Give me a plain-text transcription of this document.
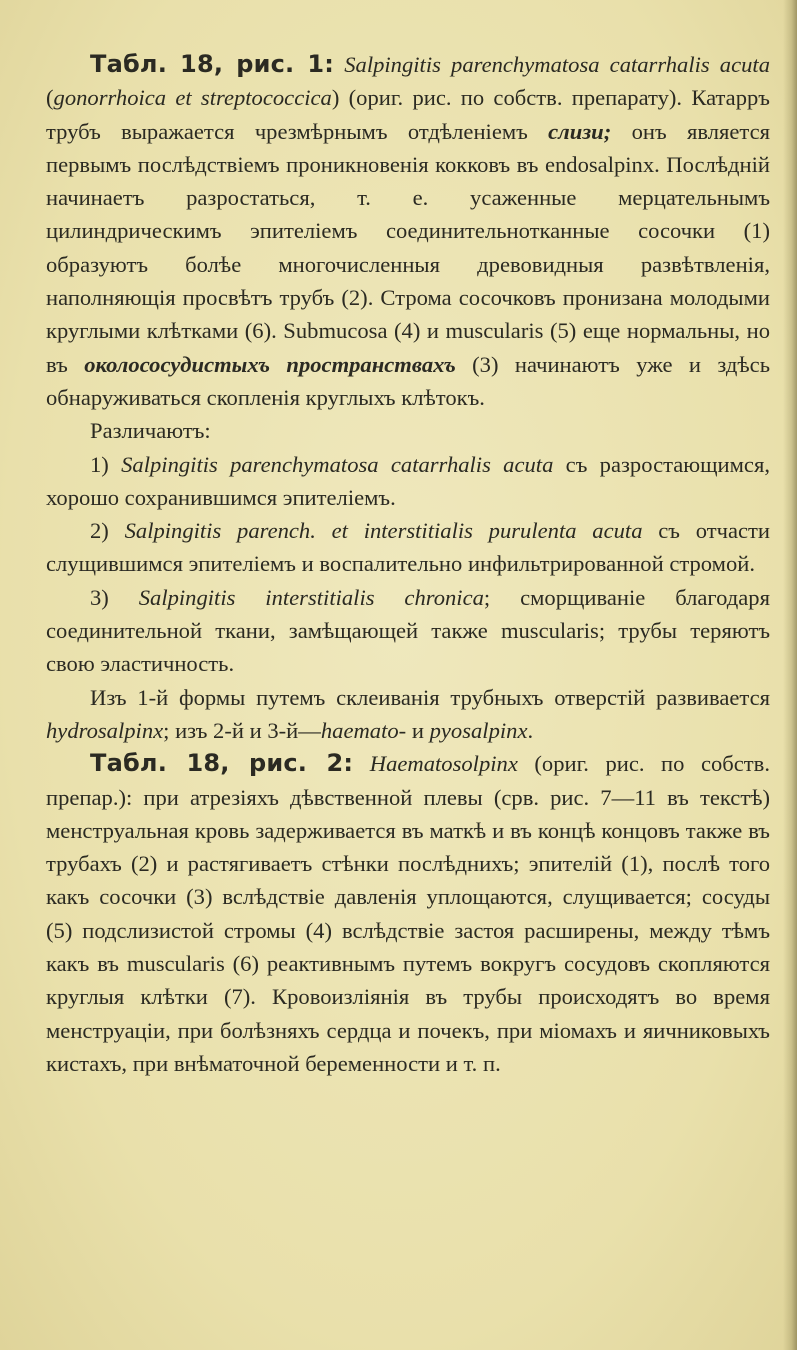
Табл. 18, рис. 1: Salpingitis parenchymatosa catarrhalis acuta (gonorrhoica et streptococcica) (ориг. рис. по собств. препарату). Катарръ трубъ выражается чрезмѣрнымъ отдѣленіемъ слизи; онъ является первымъ послѣдствіемъ проникновенія кокковъ въ endosalpinx. Послѣдній начинаетъ разростаться, т. е. усаженные мерцательнымъ цилиндрическимъ эпителіемъ соединительнотканные сосочки (1) образуютъ болѣе многочисленныя древовидныя развѣтвленія, наполняющія просвѣтъ трубъ (2). Строма сосочковъ пронизана молодыми круглыми клѣтками (6). Submucosa (4) и muscularis (5) еще нормальны, но въ околососудистыхъ пространствахъ (3) начинаютъ уже и здѣсь обнаруживаться скопленія круглыхъ клѣтокъ.

Различаютъ:

1) Salpingitis parenchymatosa catarrhalis acuta съ разростающимся, хорошо сохранившимся эпителіемъ.

2) Salpingitis parench. et interstitialis purulenta acuta съ отчасти слущившимся эпителіемъ и воспалительно инфильтрированной стромой.

3) Salpingitis interstitialis chronica; сморщиваніе благодаря соединительной ткани, замѣщающей также muscularis; трубы теряютъ свою эластичность.

Изъ 1-й формы путемъ склеиванія трубныхъ отверстій развивается hydrosalpinx; изъ 2-й и 3-й—haemato- и pyosalpinx.

Табл. 18, рис. 2: Haematosolpinx (ориг. рис. по собств. препар.): при атрезіяхъ дѣвственной плевы (срв. рис. 7—11 въ текстѣ) менструальная кровь задерживается въ маткѣ и въ концѣ концовъ также въ трубахъ (2) и растягиваетъ стѣнки послѣднихъ; эпителій (1), послѣ того какъ сосочки (3) вслѣдствіе давленія уплощаются, слущивается; сосуды (5) подслизистой стромы (4) вслѣдствіе застоя расширены, между тѣмъ какъ въ muscularis (6) реактивнымъ путемъ вокругъ сосудовъ скопляются круглыя клѣтки (7). Кровоизліянія въ трубы происходятъ во время менструаціи, при болѣзняхъ сердца и почекъ, при міомахъ и яичниковыхъ кистахъ, при внѣматочной беременности и т. п.
